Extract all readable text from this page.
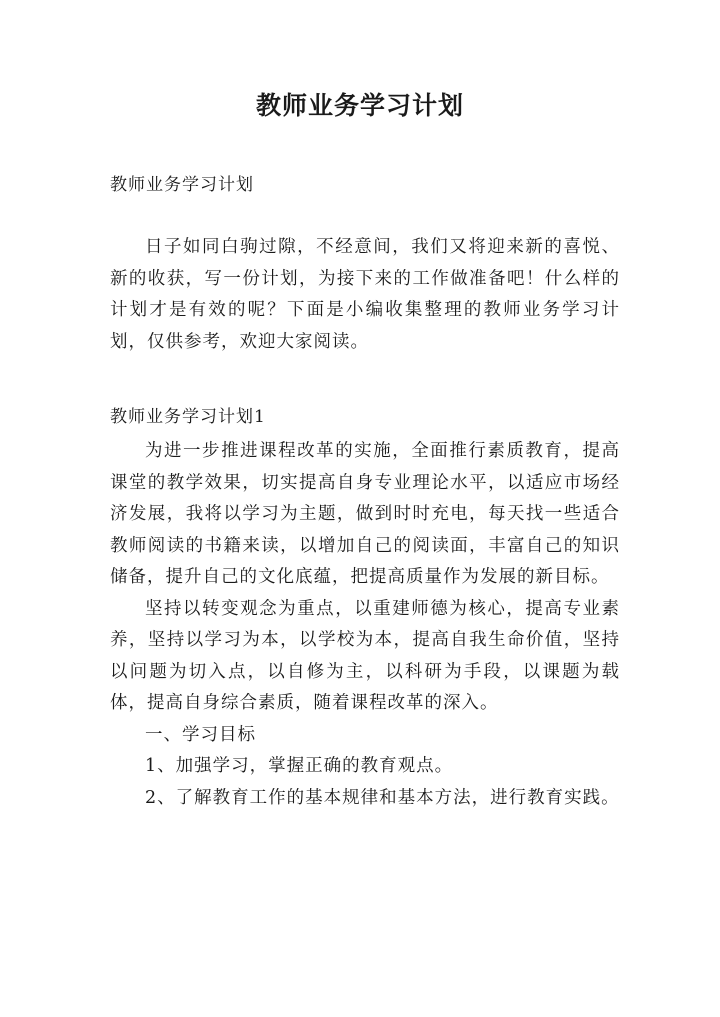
教师业务学习计划
教师业务学习计划

日子如同白驹过隙，不经意间，我们又将迎来新的喜悦、新的收获，写一份计划，为接下来的工作做准备吧！什么样的计划才是有效的呢？下面是小编收集整理的教师业务学习计划，仅供参考，欢迎大家阅读。

教师业务学习计划1

为进一步推进课程改革的实施，全面推行素质教育，提高课堂的教学效果，切实提高自身专业理论水平，以适应市场经济发展，我将以学习为主题，做到时时充电，每天找一些适合教师阅读的书籍来读，以增加自己的阅读面，丰富自己的知识储备，提升自己的文化底蕴，把提高质量作为发展的新目标。

坚持以转变观念为重点，以重建师德为核心，提高专业素养，坚持以学习为本，以学校为本，提高自我生命价值，坚持以问题为切入点，以自修为主，以科研为手段，以课题为载体，提高自身综合素质，随着课程改革的深入。

一、学习目标

1、加强学习，掌握正确的教育观点。

2、了解教育工作的基本规律和基本方法，进行教育实践。
